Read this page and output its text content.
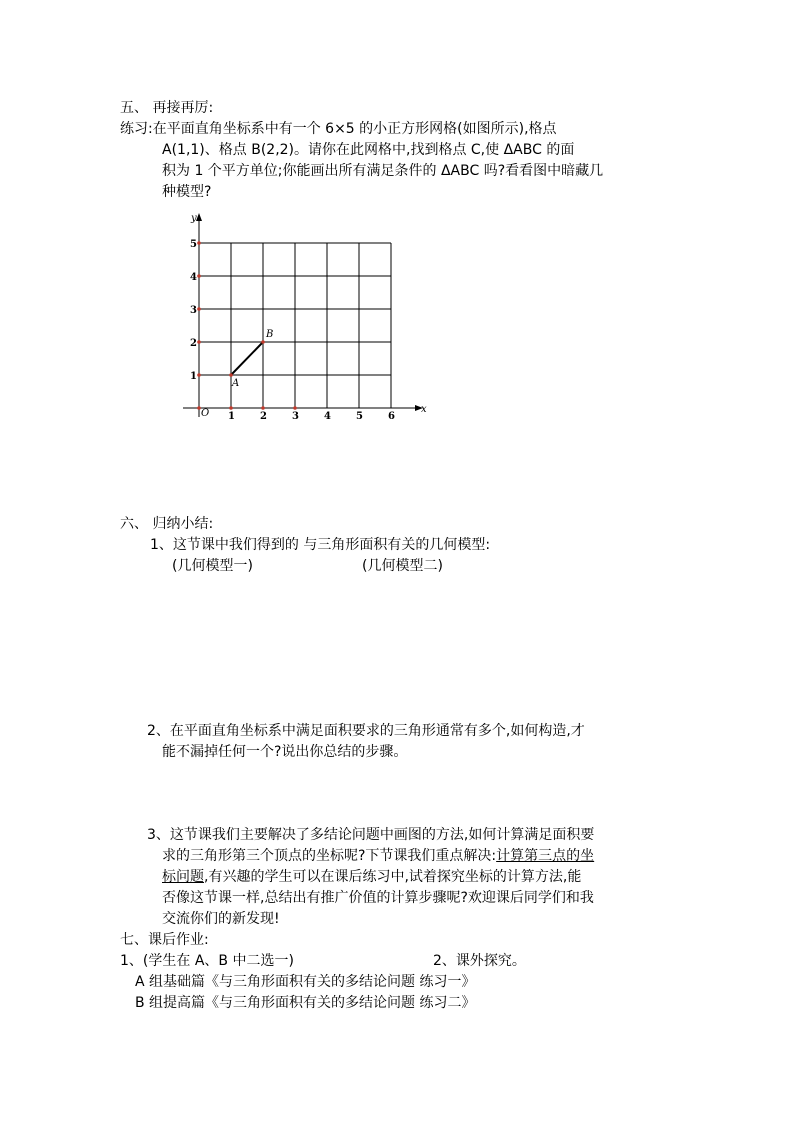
五、 再接再厉:
练习:在平面直角坐标系中有一个 6×5 的小正方形网格(如图所示),格点
A(1,1)、格点 B(2,2)。请你在此网格中,找到格点 C,使 ΔABC 的面
积为 1 个平方单位;你能画出所有满足条件的 ΔABC 吗?看看图中暗藏几
种模型?
y
x
O
5
4
3
2
1
1	2	3	4	5	6
A
B
六、 归纳小结:
1、这节课中我们得到的 与三角形面积有关的几何模型:
(几何模型一)	(几何模型二)
2、在平面直角坐标系中满足面积要求的三角形通常有多个,如何构造,才
能不漏掉任何一个?说出你总结的步骤。
3、这节课我们主要解决了多结论问题中画图的方法,如何计算满足面积要
求的三角形第三个顶点的坐标呢?下节课我们重点解决:计算第三点的坐
标问题,有兴趣的学生可以在课后练习中,试着探究坐标的计算方法,能
否像这节课一样,总结出有推广价值的计算步骤呢?欢迎课后同学们和我
交流你们的新发现!
七、课后作业:
1、(学生在 A、B 中二选一)	2、课外探究。
A 组基础篇《与三角形面积有关的多结论问题 练习一》
B 组提高篇《与三角形面积有关的多结论问题 练习二》
